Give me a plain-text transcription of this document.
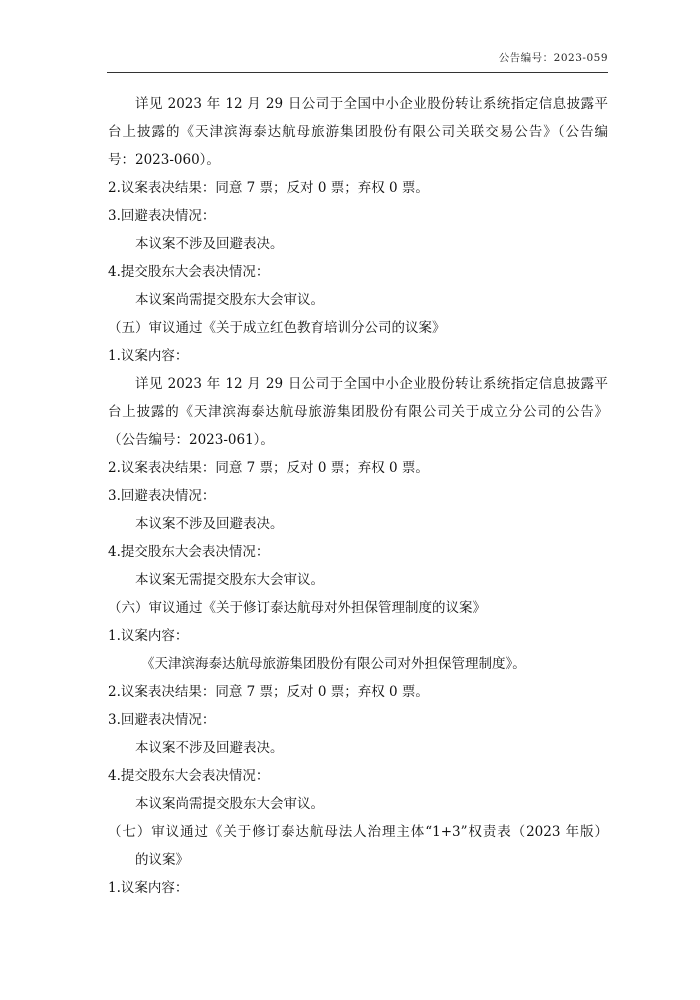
公告编号：2023-059
详见 2023 年 12 月 29 日公司于全国中小企业股份转让系统指定信息披露平
台上披露的《天津滨海泰达航母旅游集团股份有限公司关联交易公告》（公告编
号：2023-060）。
2.议案表决结果：同意 7 票；反对 0 票；弃权 0 票。
3.回避表决情况：
本议案不涉及回避表决。
4.提交股东大会表决情况：
本议案尚需提交股东大会审议。
（五）审议通过《关于成立红色教育培训分公司的议案》
1.议案内容：
详见 2023 年 12 月 29 日公司于全国中小企业股份转让系统指定信息披露平
台上披露的《天津滨海泰达航母旅游集团股份有限公司关于成立分公司的公告》
（公告编号：2023-061）。
2.议案表决结果：同意 7 票；反对 0 票；弃权 0 票。
3.回避表决情况：
本议案不涉及回避表决。
4.提交股东大会表决情况：
本议案无需提交股东大会审议。
（六）审议通过《关于修订泰达航母对外担保管理制度的议案》
1.议案内容：
《天津滨海泰达航母旅游集团股份有限公司对外担保管理制度》。
2.议案表决结果：同意 7 票；反对 0 票；弃权 0 票。
3.回避表决情况：
本议案不涉及回避表决。
4.提交股东大会表决情况：
本议案尚需提交股东大会审议。
（七）审议通过《关于修订泰达航母法人治理主体“1+3”权责表（2023 年版）
的议案》
1.议案内容：
